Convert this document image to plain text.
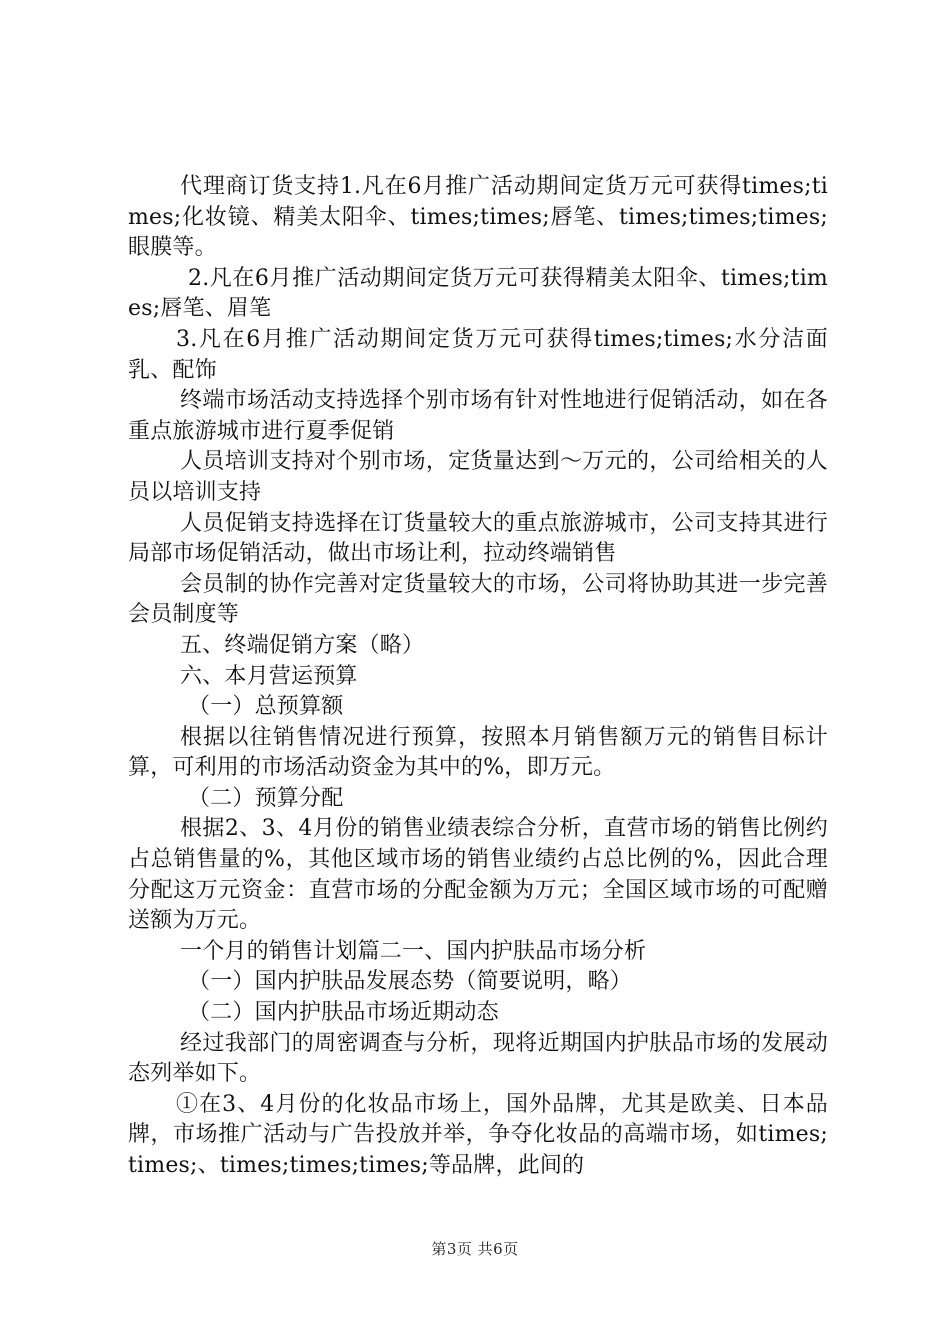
代理商订货支持1.凡在6月推广活动期间定货万元可获得times;times;化妆镜、精美太阳伞、times;times;唇笔、times;times;times;眼膜等。

2.凡在6月推广活动期间定货万元可获得精美太阳伞、times;times;唇笔、眉笔

3.凡在6月推广活动期间定货万元可获得times;times;水分洁面乳、配饰

终端市场活动支持选择个别市场有针对性地进行促销活动，如在各重点旅游城市进行夏季促销

人员培训支持对个别市场，定货量达到～万元的，公司给相关的人员以培训支持

人员促销支持选择在订货量较大的重点旅游城市，公司支持其进行局部市场促销活动，做出市场让利，拉动终端销售

会员制的协作完善对定货量较大的市场，公司将协助其进一步完善会员制度等

五、终端促销方案（略）

六、本月营运预算

（一）总预算额

根据以往销售情况进行预算，按照本月销售额万元的销售目标计算，可利用的市场活动资金为其中的%，即万元。

（二）预算分配

根据2、3、4月份的销售业绩表综合分析，直营市场的销售比例约占总销售量的%，其他区域市场的销售业绩约占总比例的%，因此合理分配这万元资金：直营市场的分配金额为万元；全国区域市场的可配赠送额为万元。

一个月的销售计划篇二一、国内护肤品市场分析

（一）国内护肤品发展态势（简要说明，略）

（二）国内护肤品市场近期动态

经过我部门的周密调查与分析，现将近期国内护肤品市场的发展动态列举如下。

①在3、4月份的化妆品市场上，国外品牌，尤其是欧美、日本品牌，市场推广活动与广告投放并举，争夺化妆品的高端市场，如times;times;、times;times;times;等品牌，此间的

第3页 共6页
